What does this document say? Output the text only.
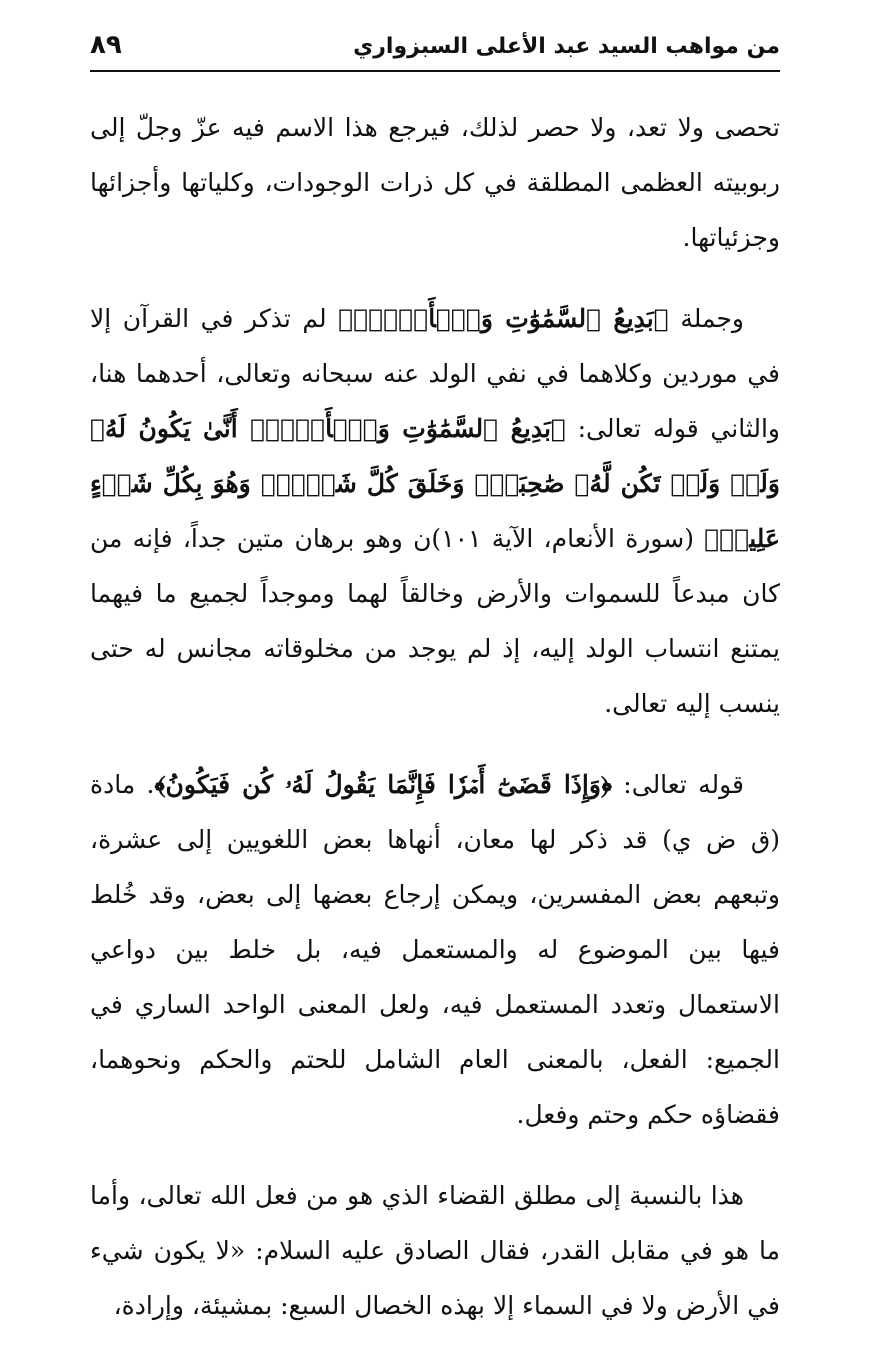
من مواهب السيد عبد الأعلى السبزواري
٨٩

تحصى ولا تعد، ولا حصر لذلك، فيرجع هذا الاسم فيه عزّ وجلّ إلى ربوبيته العظمى المطلقة في كل ذرات الوجودات، وكلياتها وأجزائها وجزئياتها.

وجملة ﴿بَدِيعُ ٱلسَّمَٰوَٰتِ وَٱلۡأَرۡضِۖ﴾ لم تذكر في القرآن إلا في موردين وكلاهما في نفي الولد عنه سبحانه وتعالى، أحدهما هنا، والثاني قوله تعالى: ﴿بَدِيعُ ٱلسَّمَٰوَٰتِ وَٱلۡأَرۡضِۖ أَنَّىٰ يَكُونُ لَهُۥ وَلَدٞ وَلَمۡ تَكُن لَّهُۥ صَٰحِبَةٞۖ وَخَلَقَ كُلَّ شَيۡءٖۖ وَهُوَ بِكُلِّ شَيۡءٍ عَلِيمٞ﴾ (سورة الأنعام، الآية ١٠١)ن وهو برهان متين جداً، فإنه من كان مبدعاً للسموات والأرض وخالقاً لهما وموجداً لجميع ما فيهما يمتنع انتساب الولد إليه، إذ لم يوجد من مخلوقاته مجانس له حتى ينسب إليه تعالى.

قوله تعالى: ﴿وَإِذَا قَضَىٰٓ أَمۡرٗا فَإِنَّمَا يَقُولُ لَهُۥ كُن فَيَكُونُ﴾. مادة (ق ض ي) قد ذكر لها معان، أنهاها بعض اللغويين إلى عشرة، وتبعهم بعض المفسرين، ويمكن إرجاع بعضها إلى بعض، وقد خُلط فيها بين الموضوع له والمستعمل فيه، بل خلط بين دواعي الاستعمال وتعدد المستعمل فيه، ولعل المعنى الواحد الساري في الجميع: الفعل، بالمعنى العام الشامل للحتم والحكم ونحوهما، فقضاؤه حكم وحتم وفعل.

هذا بالنسبة إلى مطلق القضاء الذي هو من فعل الله تعالى، وأما ما هو في مقابل القدر، فقال الصادق عليه السلام: «لا يكون شيء في الأرض ولا في السماء إلا بهذه الخصال السبع: بمشيئة، وإرادة،
